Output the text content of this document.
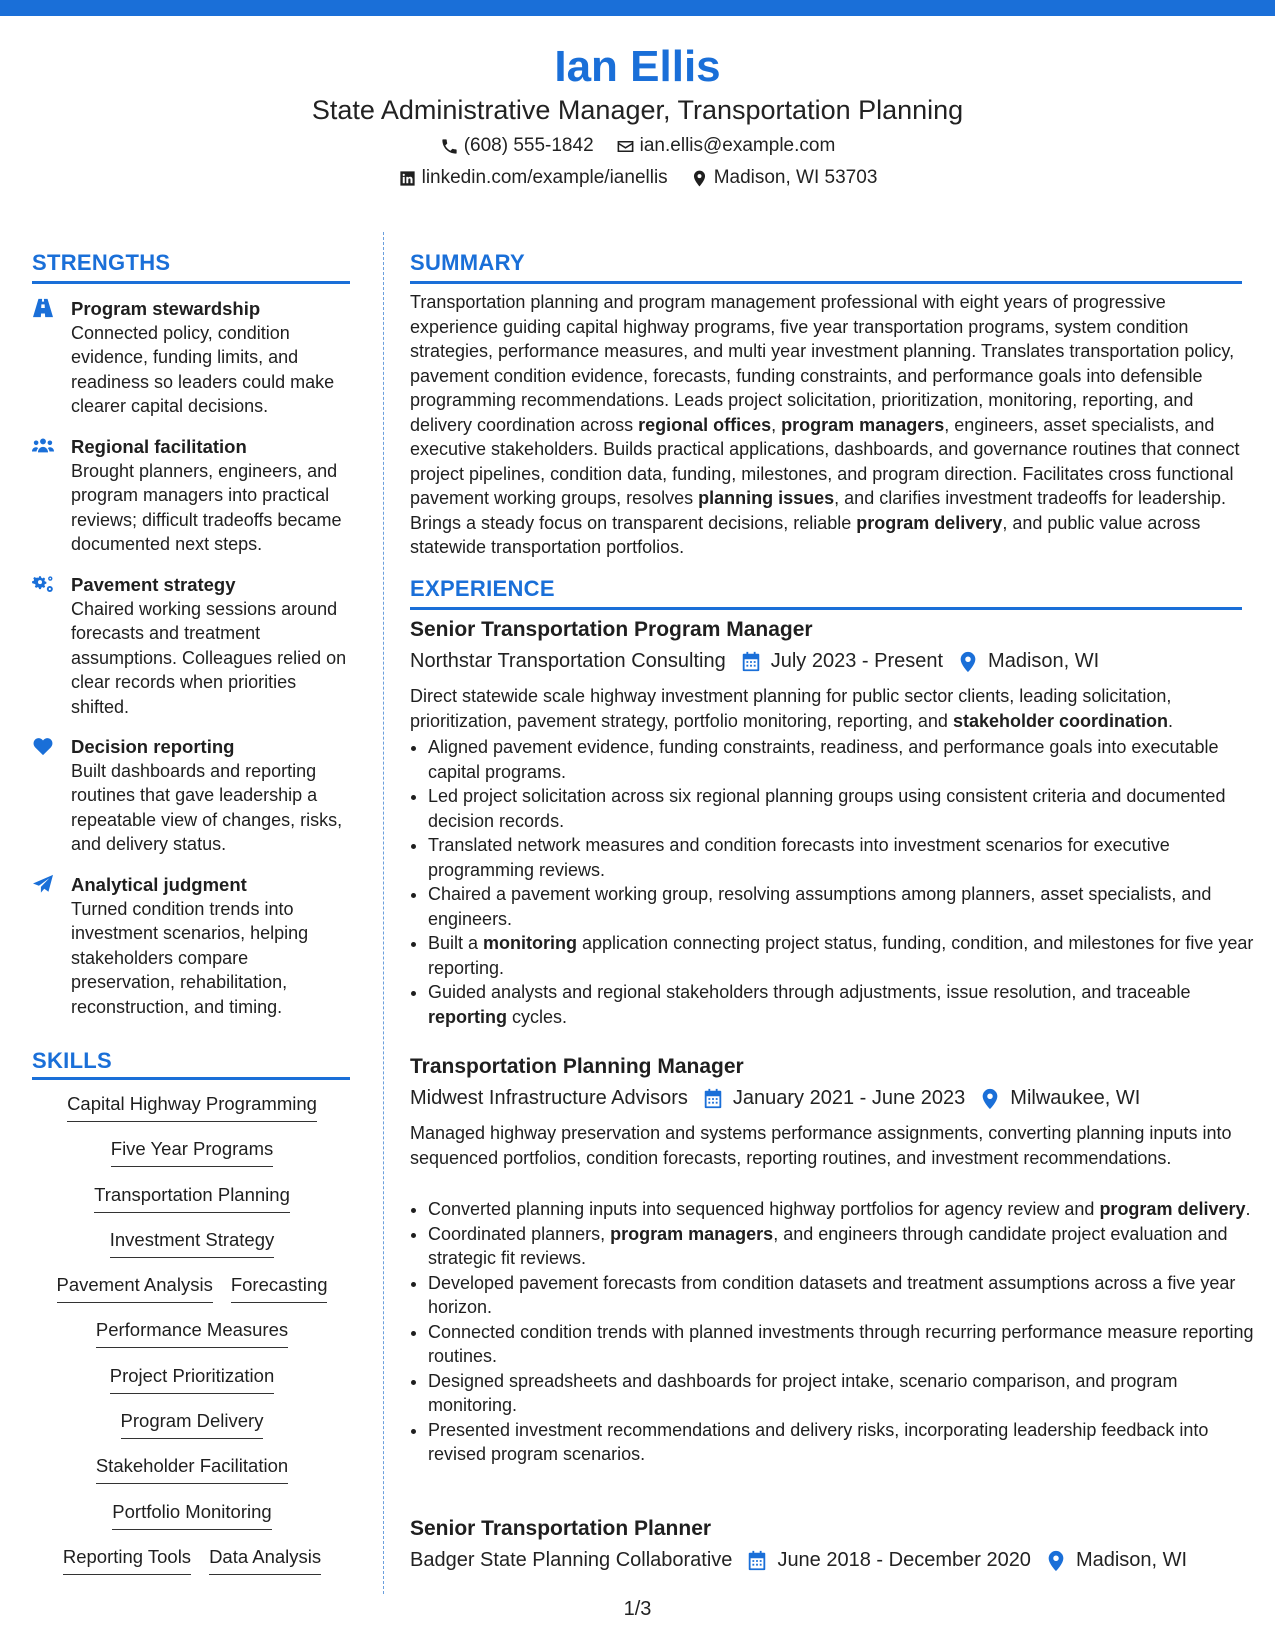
Ian Ellis
State Administrative Manager, Transportation Planning
(608) 555-1842 ian.ellis@example.com
linkedin.com/example/ianellis Madison, WI 53703
STRENGTHS
Program stewardship
Connected policy, condition evidence, funding limits, and readiness so leaders could make clearer capital decisions.
Regional facilitation
Brought planners, engineers, and program managers into practical reviews; difficult tradeoffs became documented next steps.
Pavement strategy
Chaired working sessions around forecasts and treatment assumptions. Colleagues relied on clear records when priorities shifted.
Decision reporting
Built dashboards and reporting routines that gave leadership a repeatable view of changes, risks, and delivery status.
Analytical judgment
Turned condition trends into investment scenarios, helping stakeholders compare preservation, rehabilitation, reconstruction, and timing.
SKILLS
Capital Highway Programming
Five Year Programs
Transportation Planning
Investment Strategy
Pavement Analysis Forecasting
Performance Measures
Project Prioritization
Program Delivery
Stakeholder Facilitation
Portfolio Monitoring
Reporting Tools Data Analysis
SUMMARY
Transportation planning and program management professional with eight years of progressive experience guiding capital highway programs, five year transportation programs, system condition strategies, performance measures, and multi year investment planning. Translates transportation policy, pavement condition evidence, forecasts, funding constraints, and performance goals into defensible programming recommendations. Leads project solicitation, prioritization, monitoring, reporting, and delivery coordination across regional offices, program managers, engineers, asset specialists, and executive stakeholders. Builds practical applications, dashboards, and governance routines that connect project pipelines, condition data, funding, milestones, and program direction. Facilitates cross functional pavement working groups, resolves planning issues, and clarifies investment tradeoffs for leadership. Brings a steady focus on transparent decisions, reliable program delivery, and public value across statewide transportation portfolios.
EXPERIENCE
Senior Transportation Program Manager
Northstar Transportation Consulting July 2023 - Present Madison, WI
Direct statewide scale highway investment planning for public sector clients, leading solicitation, prioritization, pavement strategy, portfolio monitoring, reporting, and stakeholder coordination.
• Aligned pavement evidence, funding constraints, readiness, and performance goals into executable capital programs.
• Led project solicitation across six regional planning groups using consistent criteria and documented decision records.
• Translated network measures and condition forecasts into investment scenarios for executive programming reviews.
• Chaired a pavement working group, resolving assumptions among planners, asset specialists, and engineers.
• Built a monitoring application connecting project status, funding, condition, and milestones for five year reporting.
• Guided analysts and regional stakeholders through adjustments, issue resolution, and traceable reporting cycles.
Transportation Planning Manager
Midwest Infrastructure Advisors January 2021 - June 2023 Milwaukee, WI
Managed highway preservation and systems performance assignments, converting planning inputs into sequenced portfolios, condition forecasts, reporting routines, and investment recommendations.
• Converted planning inputs into sequenced highway portfolios for agency review and program delivery.
• Coordinated planners, program managers, and engineers through candidate project evaluation and strategic fit reviews.
• Developed pavement forecasts from condition datasets and treatment assumptions across a five year horizon.
• Connected condition trends with planned investments through recurring performance measure reporting routines.
• Designed spreadsheets and dashboards for project intake, scenario comparison, and program monitoring.
• Presented investment recommendations and delivery risks, incorporating leadership feedback into revised program scenarios.
Senior Transportation Planner
Badger State Planning Collaborative June 2018 - December 2020 Madison, WI
1/3
